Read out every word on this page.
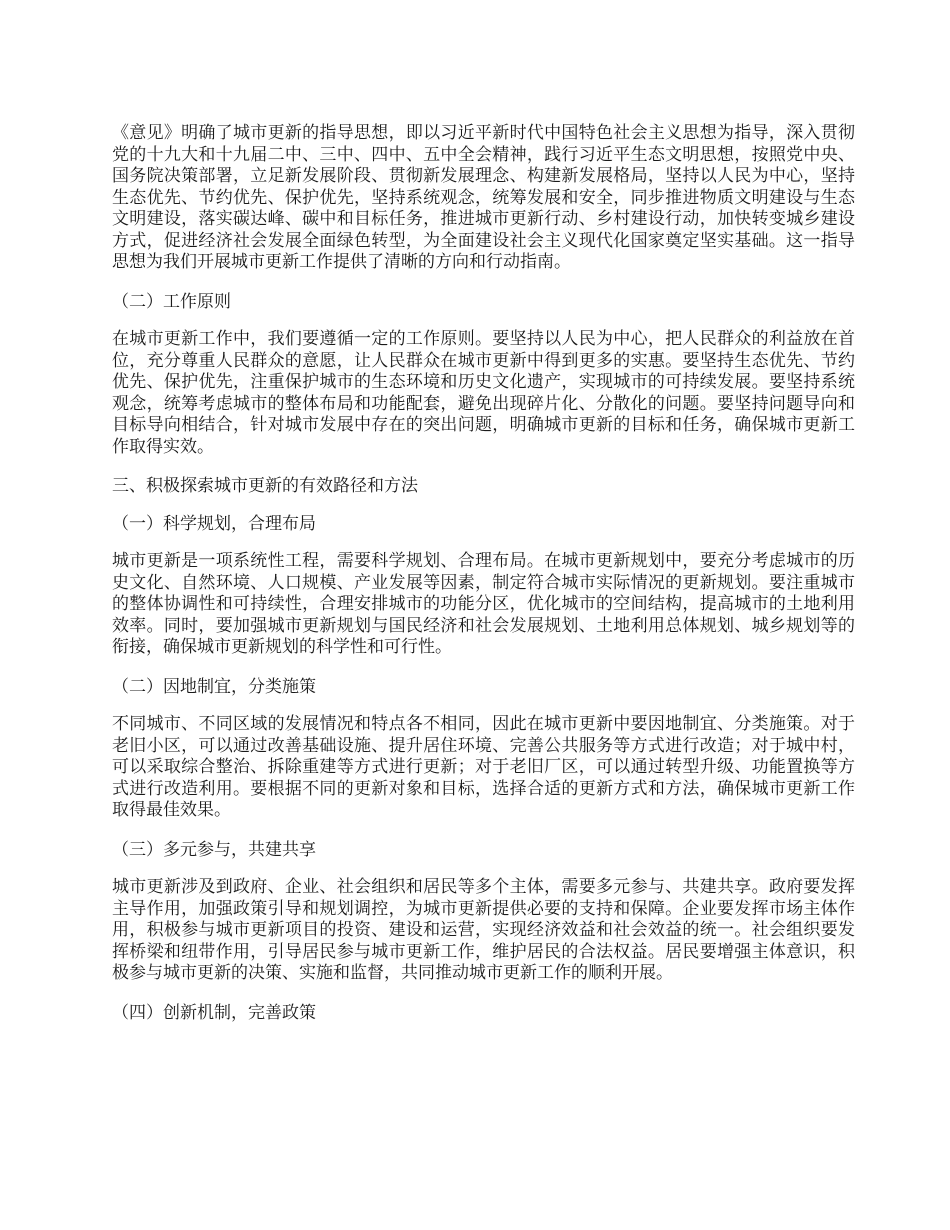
《意见》明确了城市更新的指导思想，即以习近平新时代中国特色社会主义思想为指导，深入贯彻党的十九大和十九届二中、三中、四中、五中全会精神，践行习近平生态文明思想，按照党中央、国务院决策部署，立足新发展阶段、贯彻新发展理念、构建新发展格局，坚持以人民为中心，坚持生态优先、节约优先、保护优先，坚持系统观念，统筹发展和安全，同步推进物质文明建设与生态文明建设，落实碳达峰、碳中和目标任务，推进城市更新行动、乡村建设行动，加快转变城乡建设方式，促进经济社会发展全面绿色转型，为全面建设社会主义现代化国家奠定坚实基础。这一指导思想为我们开展城市更新工作提供了清晰的方向和行动指南。

（二）工作原则

在城市更新工作中，我们要遵循一定的工作原则。要坚持以人民为中心，把人民群众的利益放在首位，充分尊重人民群众的意愿，让人民群众在城市更新中得到更多的实惠。要坚持生态优先、节约优先、保护优先，注重保护城市的生态环境和历史文化遗产，实现城市的可持续发展。要坚持系统观念，统筹考虑城市的整体布局和功能配套，避免出现碎片化、分散化的问题。要坚持问题导向和目标导向相结合，针对城市发展中存在的突出问题，明确城市更新的目标和任务，确保城市更新工作取得实效。

三、积极探索城市更新的有效路径和方法

（一）科学规划，合理布局

城市更新是一项系统性工程，需要科学规划、合理布局。在城市更新规划中，要充分考虑城市的历史文化、自然环境、人口规模、产业发展等因素，制定符合城市实际情况的更新规划。要注重城市的整体协调性和可持续性，合理安排城市的功能分区，优化城市的空间结构，提高城市的土地利用效率。同时，要加强城市更新规划与国民经济和社会发展规划、土地利用总体规划、城乡规划等的衔接，确保城市更新规划的科学性和可行性。

（二）因地制宜，分类施策

不同城市、不同区域的发展情况和特点各不相同，因此在城市更新中要因地制宜、分类施策。对于老旧小区，可以通过改善基础设施、提升居住环境、完善公共服务等方式进行改造；对于城中村，可以采取综合整治、拆除重建等方式进行更新；对于老旧厂区，可以通过转型升级、功能置换等方式进行改造利用。要根据不同的更新对象和目标，选择合适的更新方式和方法，确保城市更新工作取得最佳效果。

（三）多元参与，共建共享

城市更新涉及到政府、企业、社会组织和居民等多个主体，需要多元参与、共建共享。政府要发挥主导作用，加强政策引导和规划调控，为城市更新提供必要的支持和保障。企业要发挥市场主体作用，积极参与城市更新项目的投资、建设和运营，实现经济效益和社会效益的统一。社会组织要发挥桥梁和纽带作用，引导居民参与城市更新工作，维护居民的合法权益。居民要增强主体意识，积极参与城市更新的决策、实施和监督，共同推动城市更新工作的顺利开展。

（四）创新机制，完善政策
